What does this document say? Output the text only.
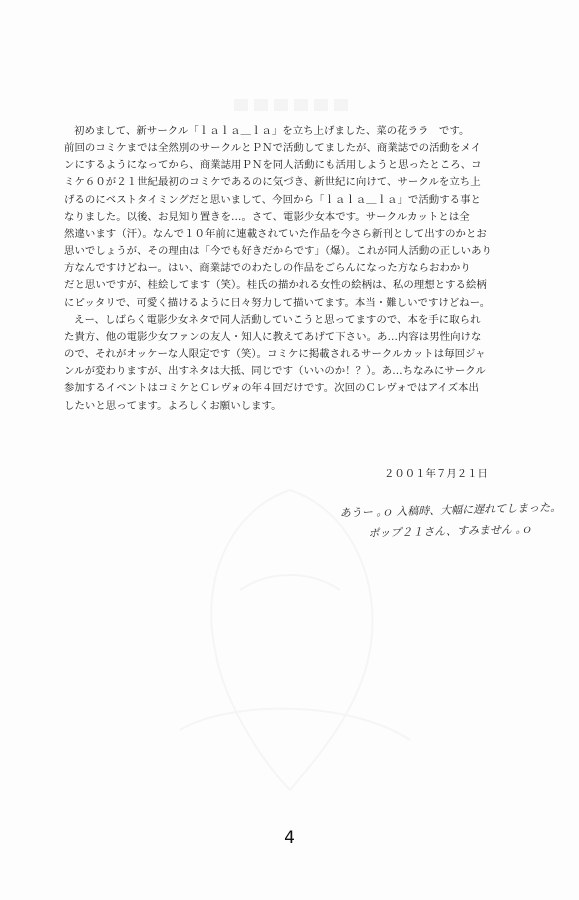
初めまして、新サークル「ｌａｌａ＿ｌａ」を立ち上げました、菜の花ララ　です。
前回のコミケまでは全然別のサークルとＰＮで活動してましたが、商業誌での活動をメイ
ンにするようになってから、商業誌用ＰＮを同人活動にも活用しようと思ったところ、コ
ミケ６０が２１世紀最初のコミケであるのに気づき、新世紀に向けて、サークルを立ち上
げるのにベストタイミングだと思いまして、今回から「ｌａｌａ＿ｌａ」で活動する事と
なりました。以後、お見知り置きを…。さて、電影少女本です。サークルカットとは全
然違います（汗）。なんで１０年前に連載されていた作品を今さら新刊として出すのかとお
思いでしょうが、その理由は「今でも好きだからです」（爆）。これが同人活動の正しいあり
方なんですけどねー。はい、商業誌でのわたしの作品をごらんになった方ならおわかり
だと思いですが、桂絵してます（笑）。桂氏の描かれる女性の絵柄は、私の理想とする絵柄
にピッタリで、可愛く描けるように日々努力して描いてます。本当・難しいですけどねー。
えー、しばらく電影少女ネタで同人活動していこうと思ってますので、本を手に取られ
た貴方、他の電影少女ファンの友人・知人に教えてあげて下さい。あ…内容は男性向けな
ので、それがオッケーな人限定です（笑）。コミケに掲載されるサークルカットは毎回ジャ
ンルが変わりますが、出すネタは大抵、同じです（いいのか！？）。あ…ちなみにサークル
参加するイベントはコミケとＣレヴォの年４回だけです。次回のＣレヴォではアイズ本出
したいと思ってます。よろしくお願いします。
２００１年７月２１日
あうー ｡ｏ 入稿時、大幅に遅れてしまった。
ポップ２１さん、すみません ｡ｏ
4
